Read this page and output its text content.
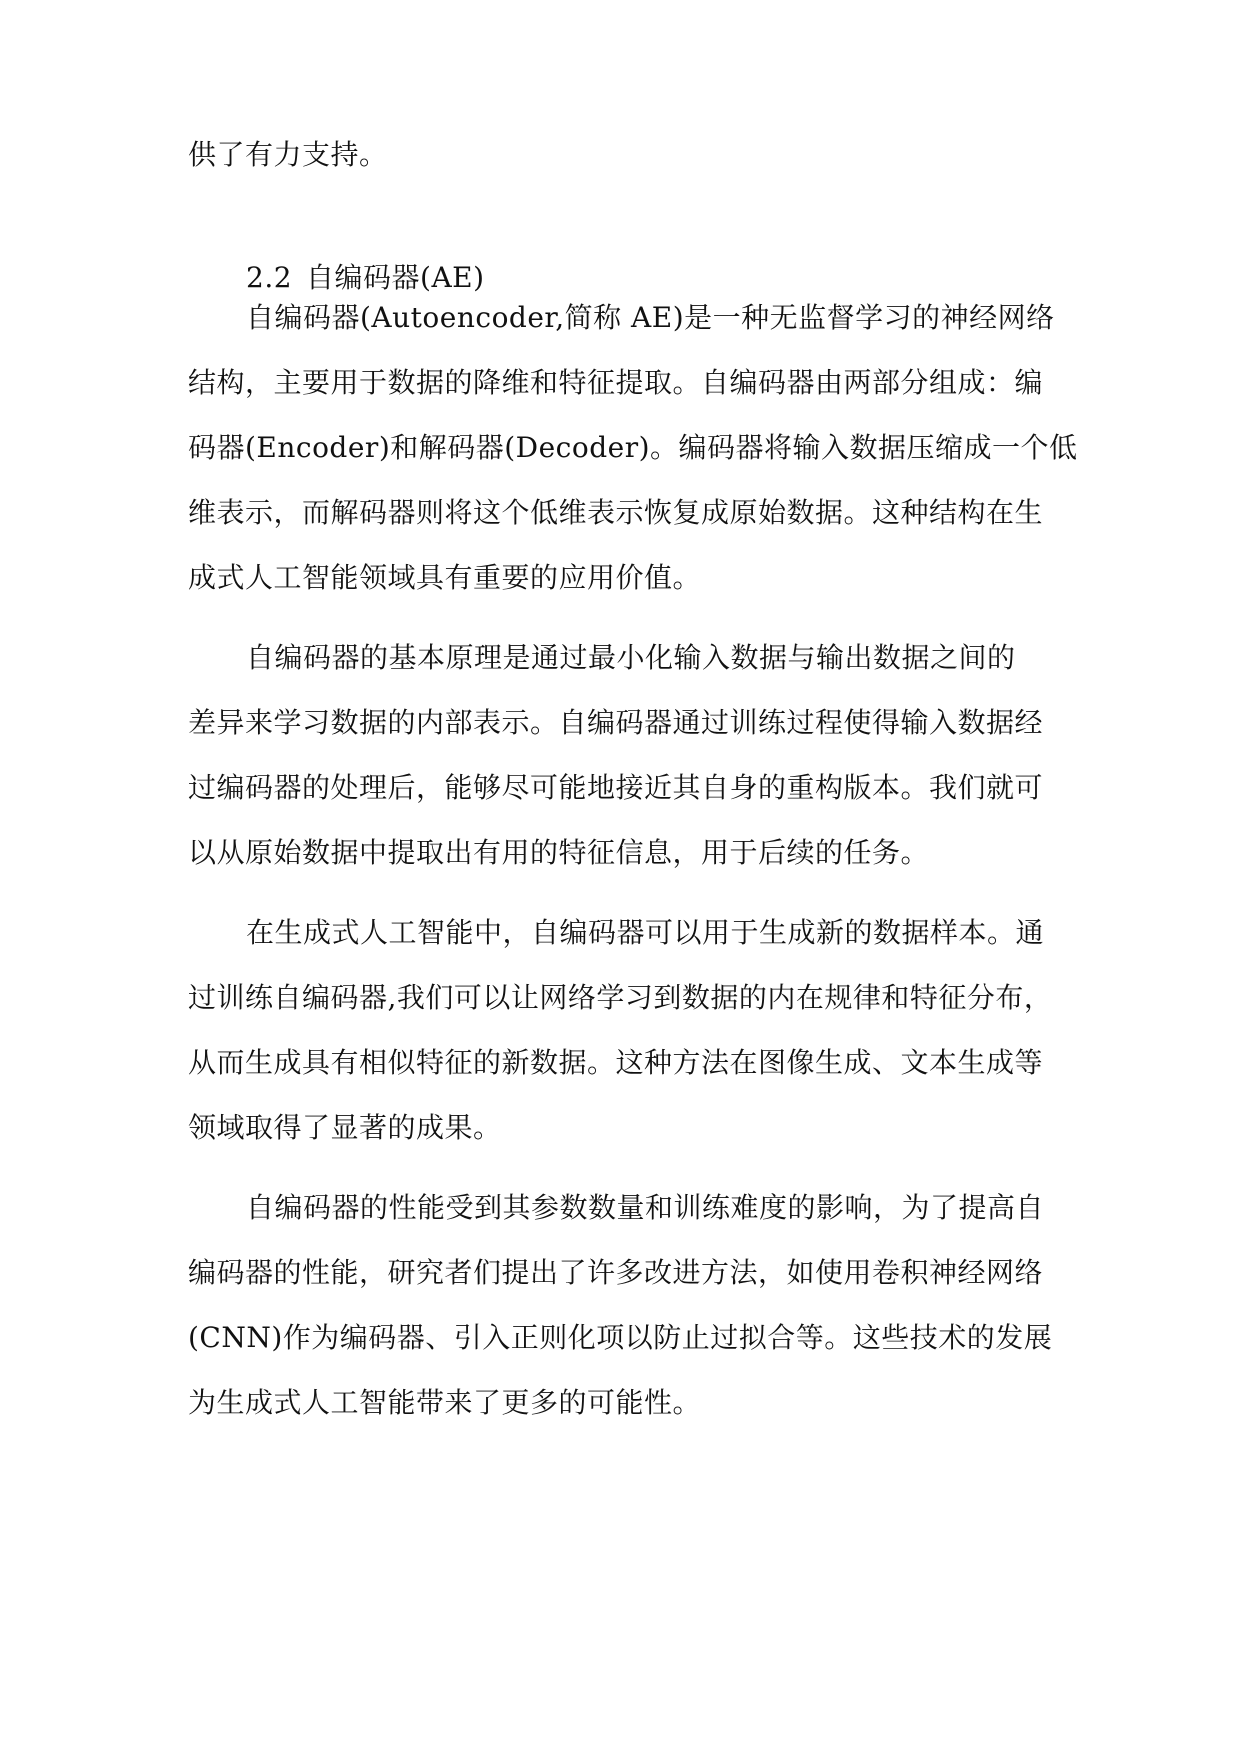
供了有力支持。
2.2 自编码器(AE)
自编码器(Autoencoder,简称 AE)是一种无监督学习的神经网络
结构，主要用于数据的降维和特征提取。自编码器由两部分组成：编
码器(Encoder)和解码器(Decoder)。编码器将输入数据压缩成一个低
维表示，而解码器则将这个低维表示恢复成原始数据。这种结构在生
成式人工智能领域具有重要的应用价值。
自编码器的基本原理是通过最小化输入数据与输出数据之间的
差异来学习数据的内部表示。自编码器通过训练过程使得输入数据经
过编码器的处理后，能够尽可能地接近其自身的重构版本。我们就可
以从原始数据中提取出有用的特征信息，用于后续的任务。
在生成式人工智能中，自编码器可以用于生成新的数据样本。通
过训练自编码器,我们可以让网络学习到数据的内在规律和特征分布，
从而生成具有相似特征的新数据。这种方法在图像生成、文本生成等
领域取得了显著的成果。
自编码器的性能受到其参数数量和训练难度的影响，为了提高自
编码器的性能，研究者们提出了许多改进方法，如使用卷积神经网络
(CNN)作为编码器、引入正则化项以防止过拟合等。这些技术的发展
为生成式人工智能带来了更多的可能性。
